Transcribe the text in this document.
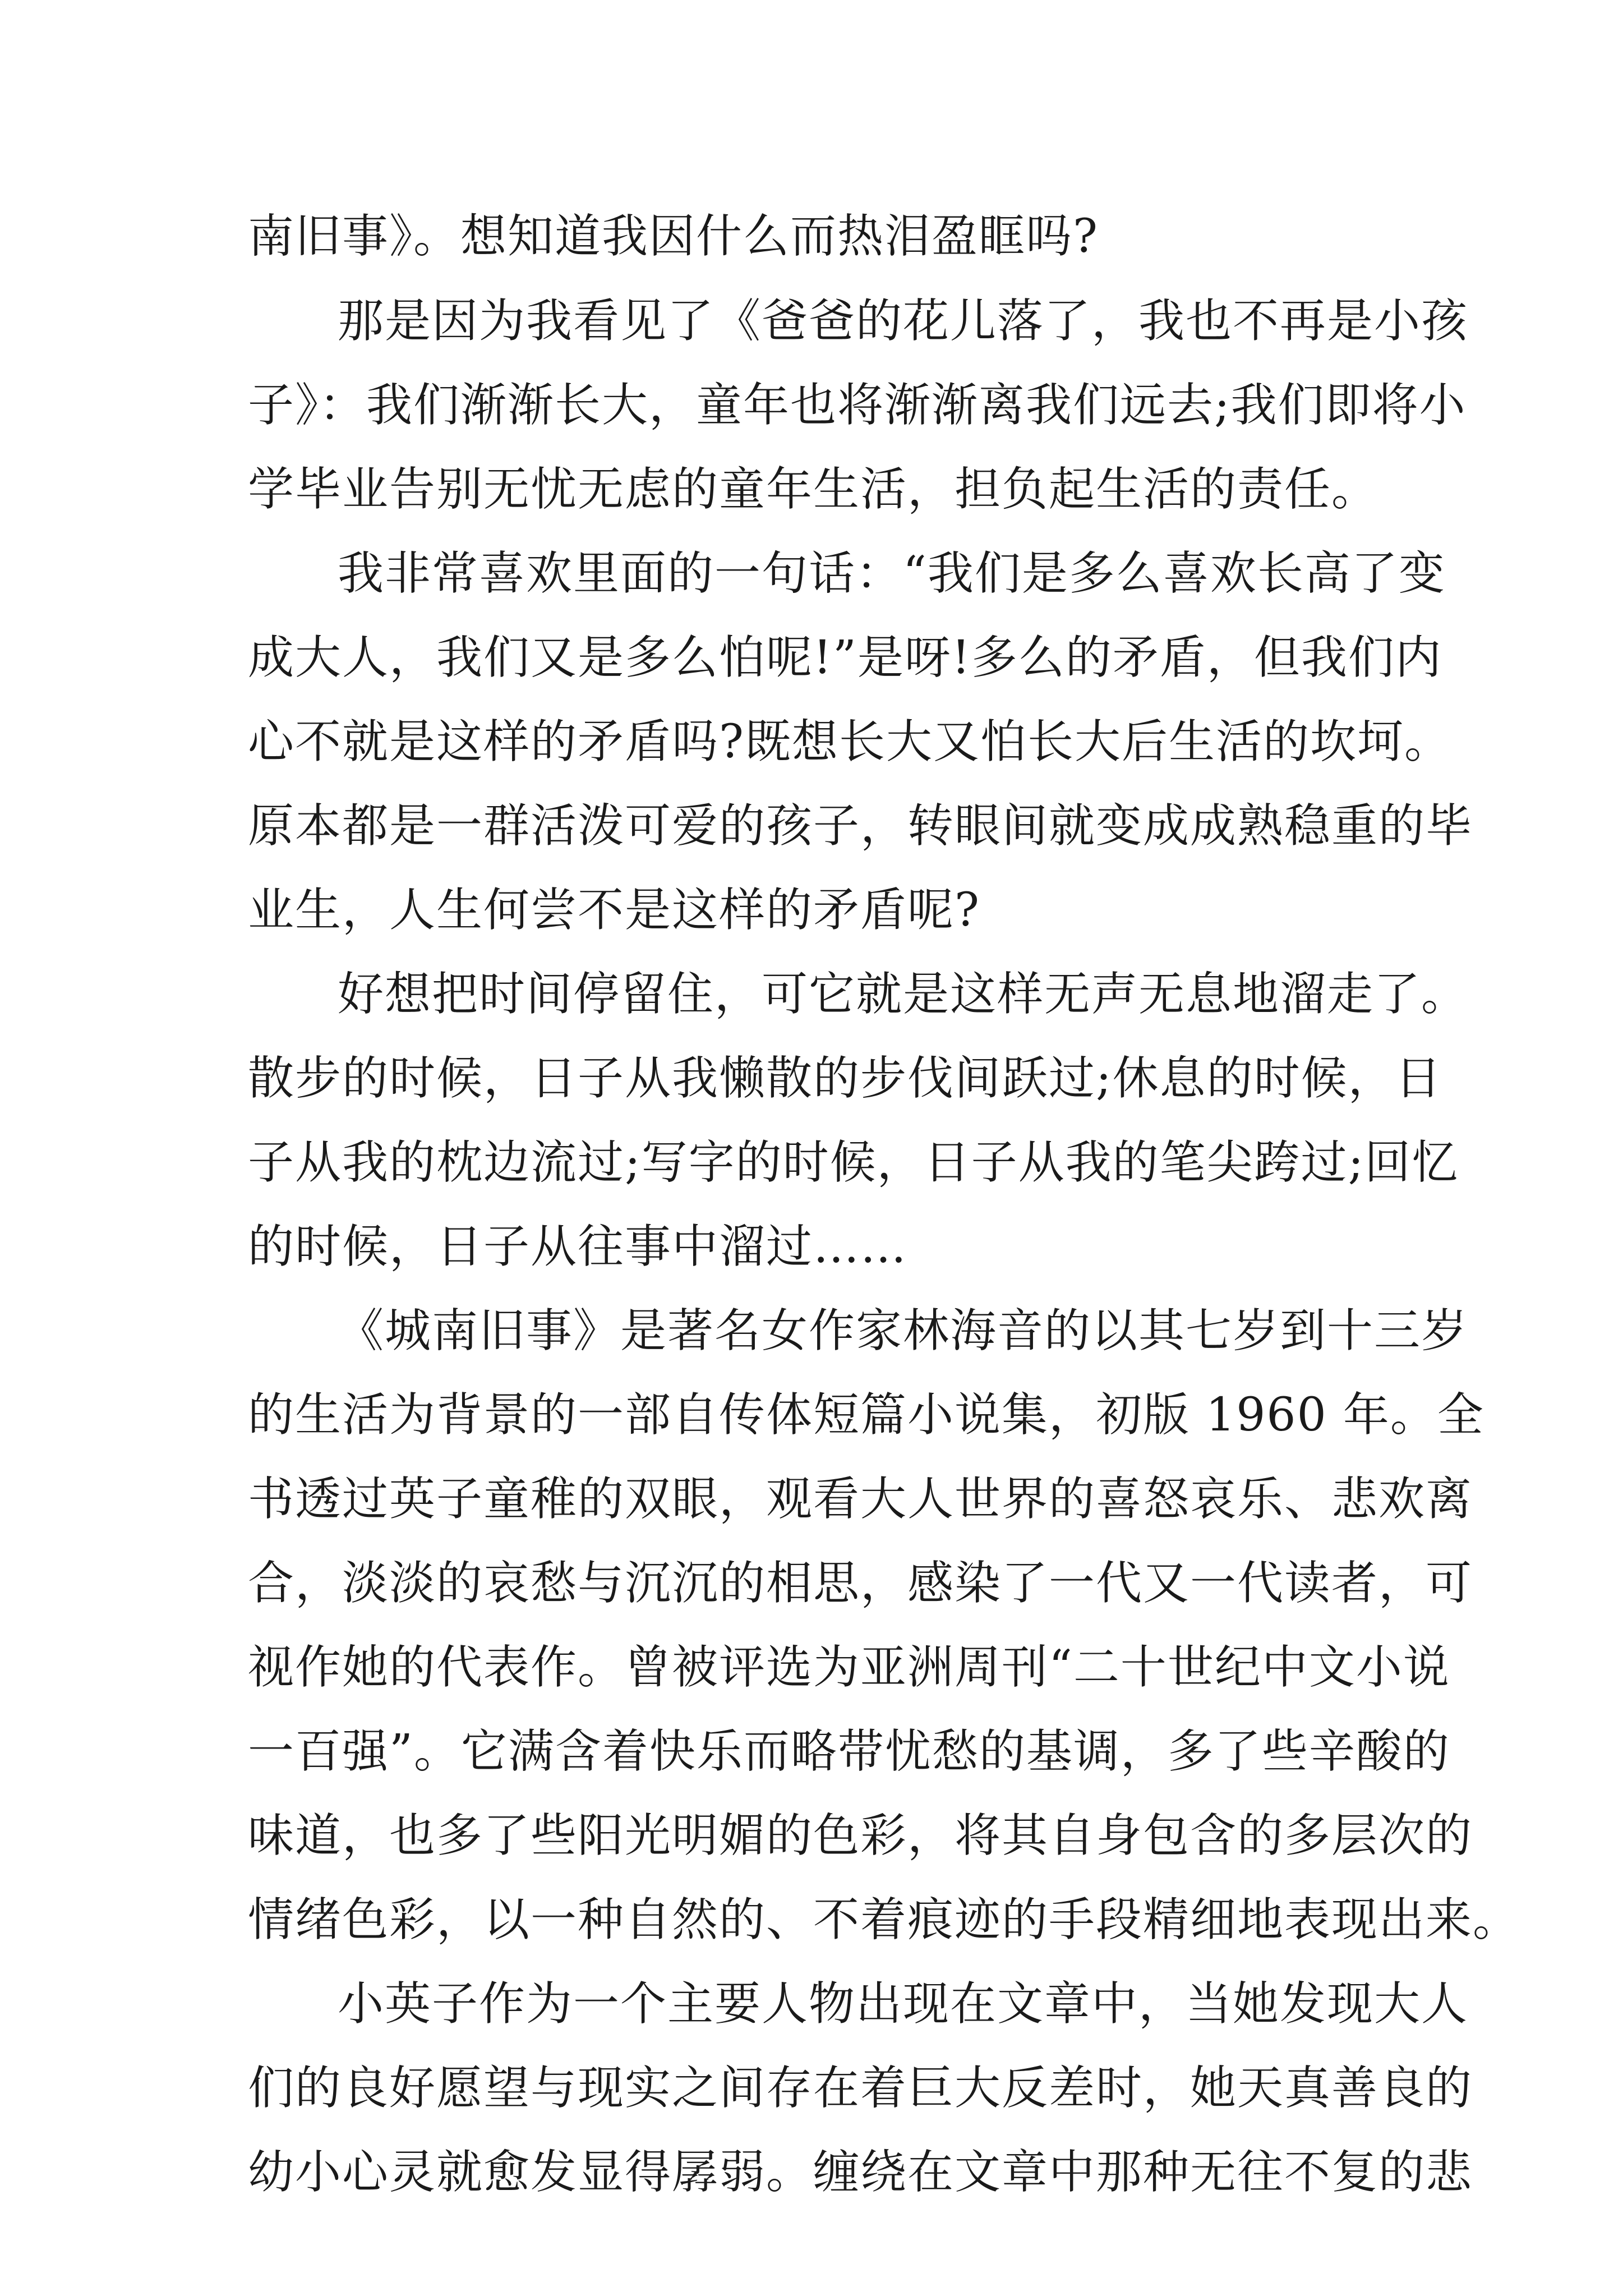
南旧事》。想知道我因什么而热泪盈眶吗?
那是因为我看见了《爸爸的花儿落了，我也不再是小孩
子》：我们渐渐长大，童年也将渐渐离我们远去;我们即将小
学毕业告别无忧无虑的童年生活，担负起生活的责任。
我非常喜欢里面的一句话：“我们是多么喜欢长高了变
成大人，我们又是多么怕呢!”是呀!多么的矛盾，但我们内
心不就是这样的矛盾吗?既想长大又怕长大后生活的坎坷。
原本都是一群活泼可爱的孩子，转眼间就变成成熟稳重的毕
业生，人生何尝不是这样的矛盾呢?
好想把时间停留住，可它就是这样无声无息地溜走了。
散步的时候，日子从我懒散的步伐间跃过;休息的时候，日
子从我的枕边流过;写字的时候，日子从我的笔尖跨过;回忆
的时候，日子从往事中溜过……
《城南旧事》是著名女作家林海音的以其七岁到十三岁
的生活为背景的一部自传体短篇小说集，初版 1960 年。全
书透过英子童稚的双眼，观看大人世界的喜怒哀乐、悲欢离
合，淡淡的哀愁与沉沉的相思，感染了一代又一代读者，可
视作她的代表作。曾被评选为亚洲周刊“二十世纪中文小说
一百强”。它满含着快乐而略带忧愁的基调，多了些辛酸的
味道，也多了些阳光明媚的色彩，将其自身包含的多层次的
情绪色彩，以一种自然的、不着痕迹的手段精细地表现出来。
小英子作为一个主要人物出现在文章中，当她发现大人
们的良好愿望与现实之间存在着巨大反差时，她天真善良的
幼小心灵就愈发显得孱弱。缠绕在文章中那种无往不复的悲
